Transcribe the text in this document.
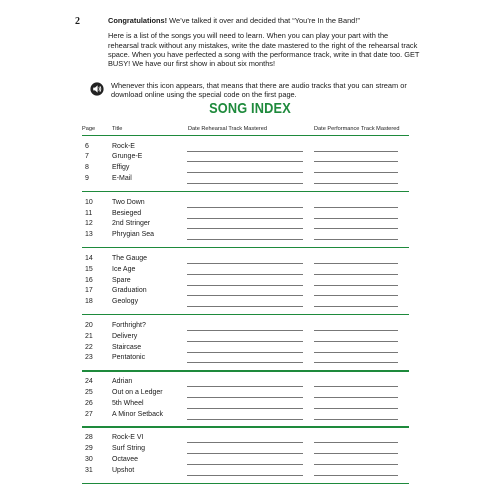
2	Congratulations! We’ve talked it over and decided that “You’re In the Band!”

Here is a list of the songs you will need to learn. When you can play your part with the rehearsal track without any mistakes, write the date mastered to the right of the rehearsal track space. When you have perfected a song with the performance track, write in that date too. GET BUSY! We have our first show in about six months!

Whenever this icon appears, that means that there are audio tracks that you can stream or download online using the special code on the first page.
SONG INDEX
Page	Title	Date Rehearsal Track Mastered	Date Performance Track Mastered
6	Rock-E
7	Grunge-E
8	Effigy
9	E-Mail
10	Two Down
11	Besieged
12	2nd Stringer
13	Phrygian Sea
14	The Gauge
15	Ice Age
16	Spare
17	Graduation
18	Geology
20	Forthright?
21	Delivery
22	Staircase
23	Pentatonic
24	Adrian
25	Out on a Ledger
26	5th Wheel
27	A Minor Setback
28	Rock-E VI
29	Surf String
30	Octavee
31	Upshot
